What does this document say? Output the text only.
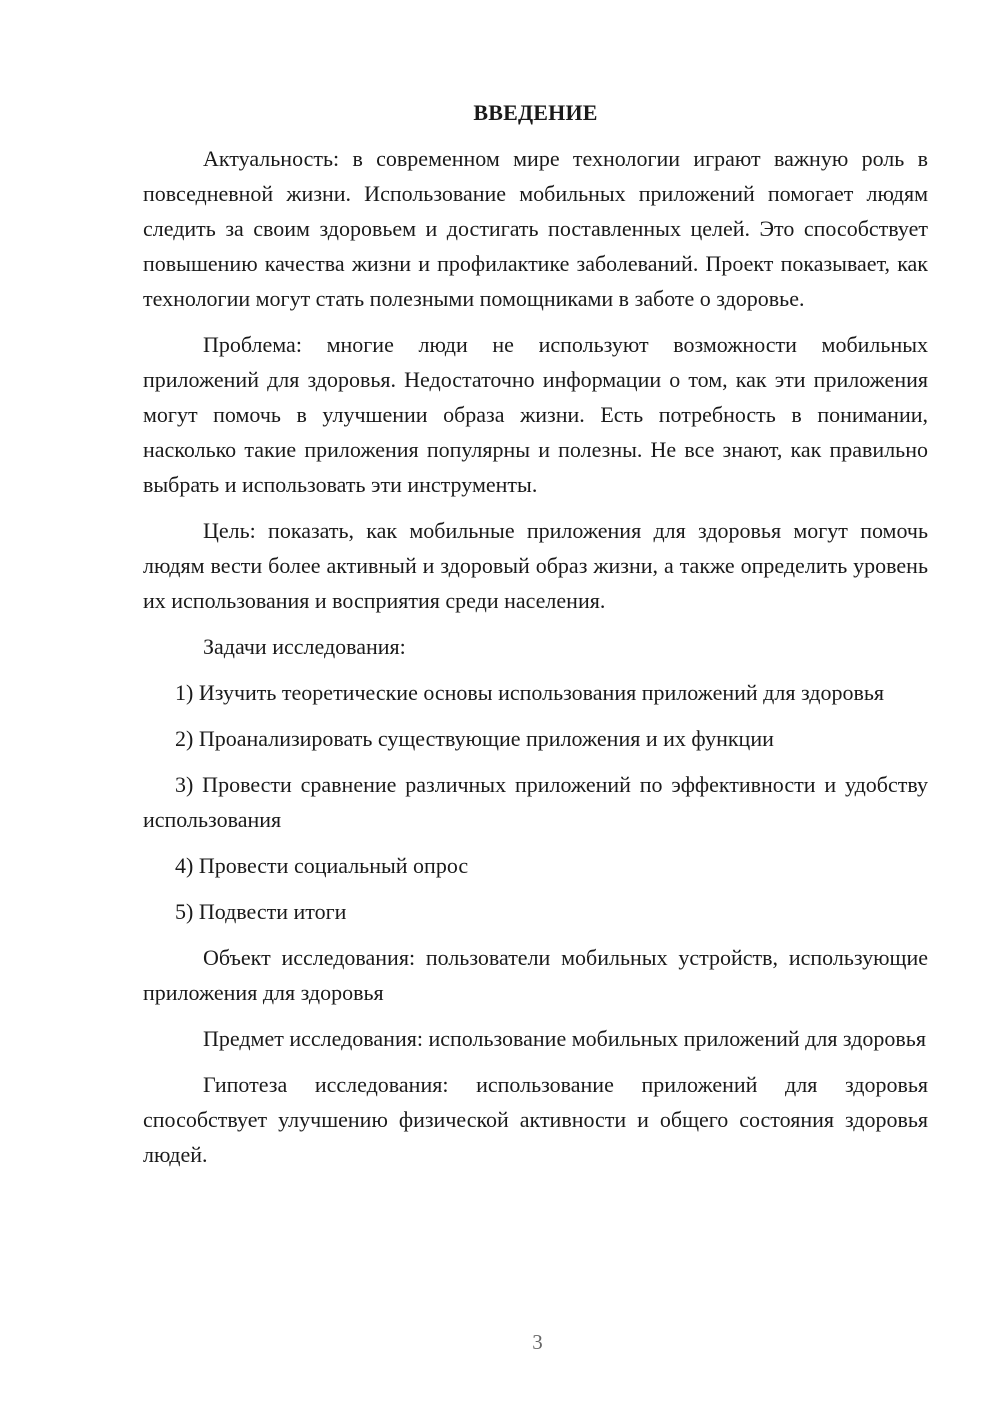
ВВЕДЕНИЕ

Актуальность: в современном мире технологии играют важную роль в повседневной жизни. Использование мобильных приложений помогает людям следить за своим здоровьем и достигать поставленных целей. Это способствует повышению качества жизни и профилактике заболеваний. Проект показывает, как технологии могут стать полезными помощниками в заботе о здоровье.

Проблема: многие люди не используют возможности мобильных приложений для здоровья. Недостаточно информации о том, как эти приложения могут помочь в улучшении образа жизни. Есть потребность в понимании, насколько такие приложения популярны и полезны. Не все знают, как правильно выбрать и использовать эти инструменты.

Цель: показать, как мобильные приложения для здоровья могут помочь людям вести более активный и здоровый образ жизни, а также определить уровень их использования и восприятия среди населения.

Задачи исследования:

1) Изучить теоретические основы использования приложений для здоровья

2) Проанализировать существующие приложения и их функции

3) Провести сравнение различных приложений по эффективности и удобству использования

4) Провести социальный опрос

5) Подвести итоги

Объект исследования: пользователи мобильных устройств, использующие приложения для здоровья

Предмет исследования: использование мобильных приложений для здоровья

Гипотеза исследования: использование приложений для здоровья способствует улучшению физической активности и общего состояния здоровья людей.

3
